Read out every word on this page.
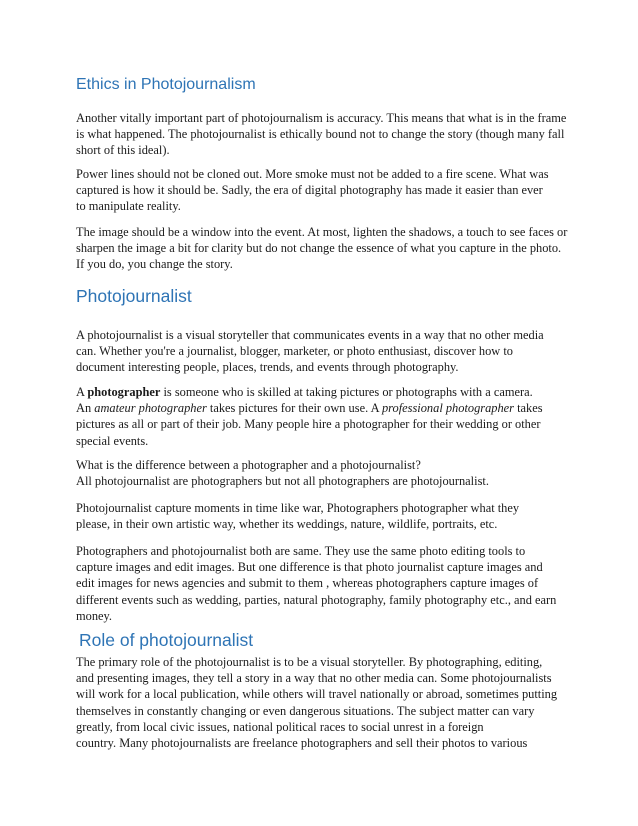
Ethics in Photojournalism

Another vitally important part of photojournalism is accuracy. This means that what is in the frame
is what happened. The photojournalist is ethically bound not to change the story (though many fall
short of this ideal).

Power lines should not be cloned out. More smoke must not be added to a fire scene. What was
captured is how it should be. Sadly, the era of digital photography has made it easier than ever
to manipulate reality.

The image should be a window into the event. At most, lighten the shadows, a touch to see faces or
sharpen the image a bit for clarity but do not change the essence of what you capture in the photo.
If you do, you change the story.

Photojournalist

A photojournalist is a visual storyteller that communicates events in a way that no other media
can. Whether you're a journalist, blogger, marketer, or photo enthusiast, discover how to
document interesting people, places, trends, and events through photography.

A photographer is someone who is skilled at taking pictures or photographs with a camera.
An amateur photographer takes pictures for their own use. A professional photographer takes
pictures as all or part of their job. Many people hire a photographer for their wedding or other
special events.

What is the difference between a photographer and a photojournalist?
All photojournalist are photographers but not all photographers are photojournalist.

Photojournalist capture moments in time like war, Photographers photographer what they
please, in their own artistic way, whether its weddings, nature, wildlife, portraits, etc.

Photographers and photojournalist both are same. They use the same photo editing tools to
capture images and edit images. But one difference is that photo journalist capture images and
edit images for news agencies and submit to them , whereas photographers capture images of
different events such as wedding, parties, natural photography, family photography etc., and earn
money.

Role of photojournalist

The primary role of the photojournalist is to be a visual storyteller. By photographing, editing,
and presenting images, they tell a story in a way that no other media can. Some photojournalists
will work for a local publication, while others will travel nationally or abroad, sometimes putting
themselves in constantly changing or even dangerous situations. The subject matter can vary
greatly, from local civic issues, national political races to social unrest in a foreign
country. Many photojournalists are freelance photographers and sell their photos to various
